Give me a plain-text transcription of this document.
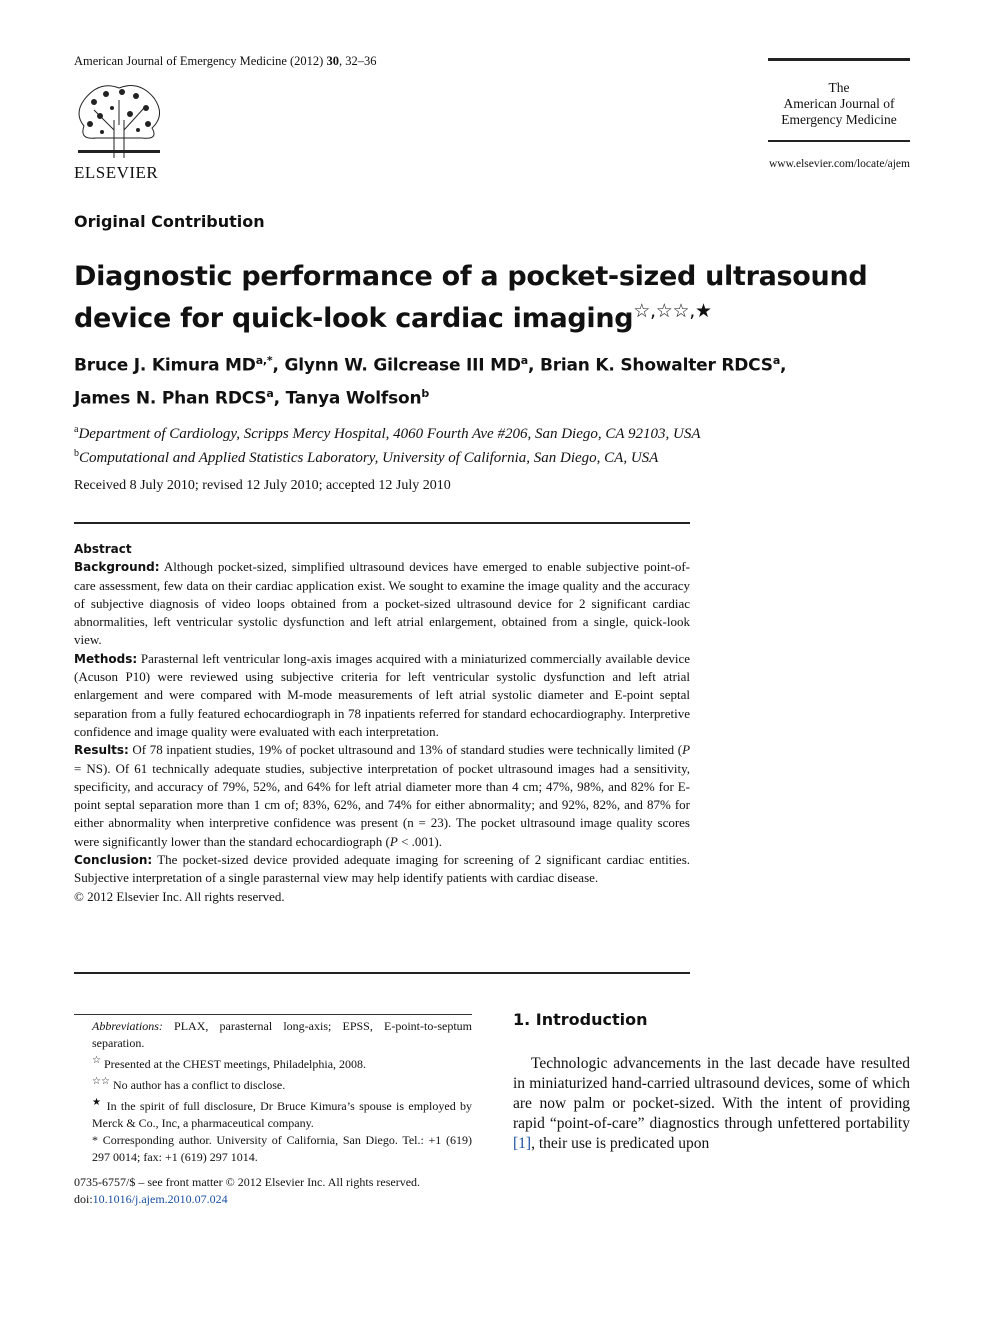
American Journal of Emergency Medicine (2012) 30, 32–36
ELSEVIER
The
American Journal of
Emergency Medicine
www.elsevier.com/locate/ajem
Original Contribution
Diagnostic performance of a pocket-sized ultrasound device for quick-look cardiac imaging☆,☆☆,★
Bruce J. Kimura $MD^{a,*}$, Glynn W. Gilcrease III $MD^a$, Brian K. Showalter RDCS$^a$,
James N. Phan RDCS$^a$, Tanya Wolfson$^b$
$^a$Department of Cardiology, Scripps Mercy Hospital, 4060 Fourth Ave #206, San Diego, CA 92103, USA
$^b$Computational and Applied Statistics Laboratory, University of California, San Diego, CA, USA
Received 8 July 2010; revised 12 July 2010; accepted 12 July 2010

Abstract

Background: Although pocket-sized, simplified ultrasound devices have emerged to enable subjective point-of-care assessment, few data on their cardiac application exist. We sought to examine the image quality and the accuracy of subjective diagnosis of video loops obtained from a pocket-sized ultrasound device for 2 significant cardiac abnormalities, left ventricular systolic dysfunction and left atrial enlargement, obtained from a single, quick-look view.

Methods: Parasternal left ventricular long-axis images acquired with a miniaturized commercially available device (Acuson P10) were reviewed using subjective criteria for left ventricular systolic dysfunction and left atrial enlargement and were compared with M-mode measurements of left atrial systolic diameter and E-point septal separation from a fully featured echocardiograph in 78 inpatients referred for standard echocardiography. Interpretive confidence and image quality were evaluated with each interpretation.

Results: Of 78 inpatient studies, 19% of pocket ultrasound and 13% of standard studies were technically limited (P = NS). Of 61 technically adequate studies, subjective interpretation of pocket ultrasound images had a sensitivity, specificity, and accuracy of 79%, 52%, and 64% for left atrial diameter more than 4 cm; 47%, 98%, and 82% for E-point septal separation more than 1 cm of; 83%, 62%, and 74% for either abnormality; and 92%, 82%, and 87% for either abnormality when interpretive confidence was present (n = 23). The pocket ultrasound image quality scores were significantly lower than the standard echocardiograph (P < .001).

Conclusion: The pocket-sized device provided adequate imaging for screening of 2 significant cardiac entities. Subjective interpretation of a single parasternal view may help identify patients with cardiac disease.

© 2012 Elsevier Inc. All rights reserved.

Abbreviations: PLAX, parasternal long-axis; EPSS, E-point-to-septum separation.

☆ Presented at the CHEST meetings, Philadelphia, 2008.

☆☆ No author has a conflict to disclose.

★ In the spirit of full disclosure, Dr Bruce Kimura’s spouse is employed by Merck & Co., Inc, a pharmaceutical company.

* Corresponding author. University of California, San Diego. Tel.: +1 (619) 297 0014; fax: +1 (619) 297 1014.

0735-6757/$ – see front matter © 2012 Elsevier Inc. All rights reserved.
doi:10.1016/j.ajem.2010.07.024
1. Introduction
Technologic advancements in the last decade have resulted in miniaturized hand-carried ultrasound devices, some of which are now palm or pocket-sized. With the intent of providing rapid “point-of-care” diagnostics through unfettered portability [1], their use is predicated upon
